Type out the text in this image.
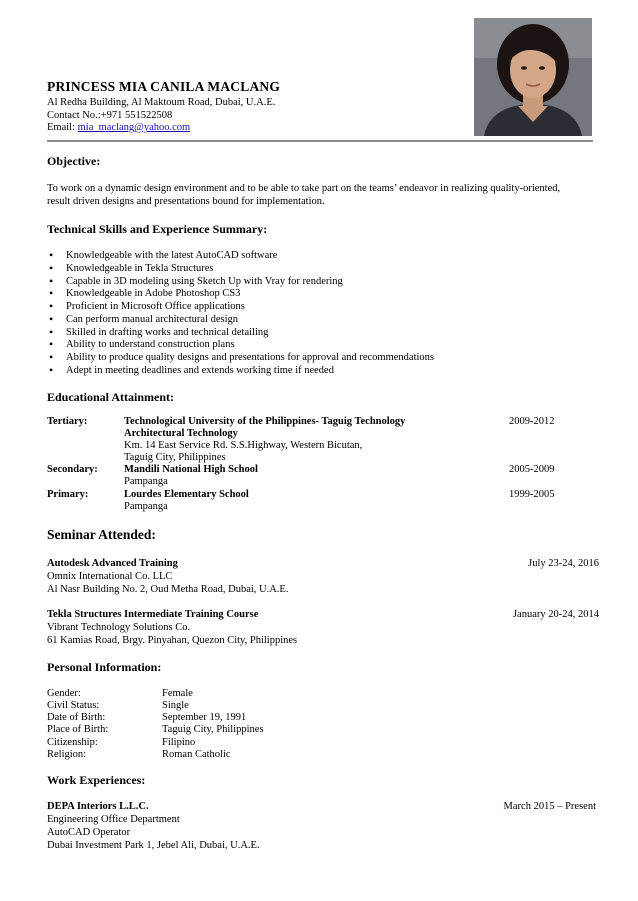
PRINCESS MIA CANILA MACLANG
Al Redha Building, Al Maktoum Road, Dubai, U.A.E.
Contact No.:+971 551522508
Email: mia_maclang@yahoo.com
Objective:
To work on a dynamic design environment and to be able to take part on the teams’ endeavor in realizing quality-oriented,
result driven designs and presentations bound for implementation.
Technical Skills and Experience Summary:
• Knowledgeable with the latest AutoCAD software
• Knowledgeable in Tekla Structures
• Capable in 3D modeling using Sketch Up with Vray for rendering
• Knowledgeable in Adobe Photoshop CS3
• Proficient in Microsoft Office applications
• Can perform manual architectural design
• Skilled in drafting works and technical detailing
• Ability to understand construction plans
• Ability to produce quality designs and presentations for approval and recommendations
• Adept in meeting deadlines and extends working time if needed
Educational Attainment:
Tertiary:	Technological University of the Philippines- Taguig Technology
Architectural Technology
Km. 14 East Service Rd. S.S.Highway, Western Bicutan,
Taguig City, Philippines
2009-2012
Secondary:	Mandili National High School
Pampanga
2005-2009
Primary:	Lourdes Elementary School
Pampanga
1999-2005
Seminar Attended:
Autodesk Advanced Training
Omnix International Co. LLC
Al Nasr Building No. 2, Oud Metha Road, Dubai, U.A.E.
July 23-24, 2016
Tekla Structures Intermediate Training Course
Vibrant Technology Solutions Co.
61 Kamias Road, Brgy. Pinyahan, Quezon City, Philippines
January 20-24, 2014
Personal Information:
Gender:	Female
Civil Status:	Single
Date of Birth:	September 19, 1991
Place of Birth:	Taguig City, Philippines
Citizenship:	Filipino
Religion:	Roman Catholic
Work Experiences:
DEPA Interiors L.L.C.
Engineering Office Department
AutoCAD Operator
Dubai Investment Park 1, Jebel Ali, Dubai, U.A.E.
March 2015 – Present
